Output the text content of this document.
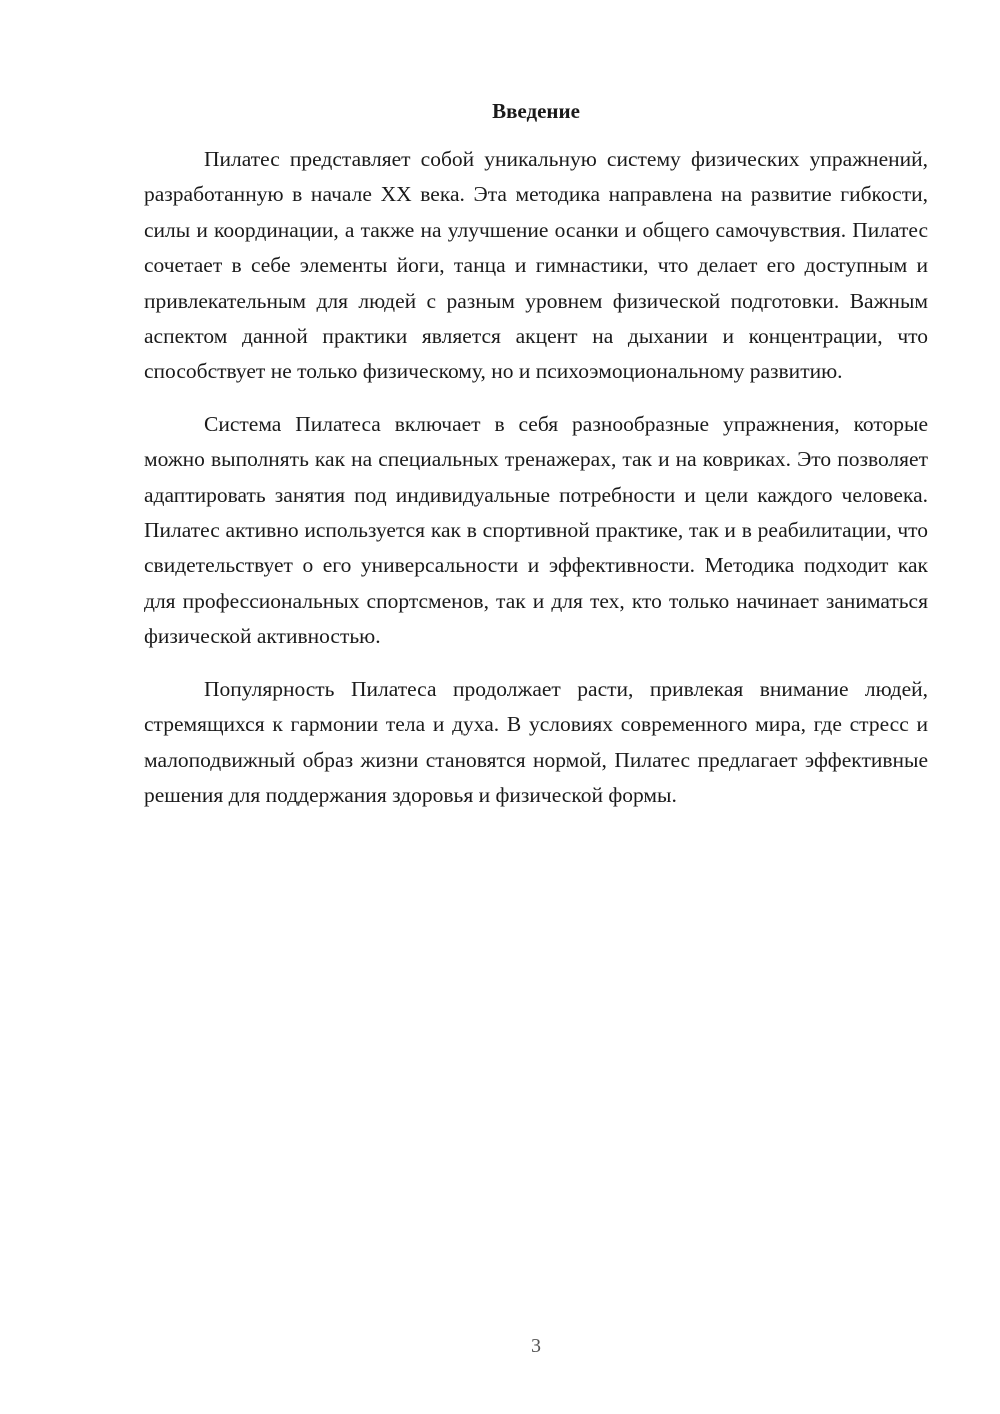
Введение

Пилатес представляет собой уникальную систему физических упражнений, разработанную в начале XX века. Эта методика направлена на развитие гибкости, силы и координации, а также на улучшение осанки и общего самочувствия. Пилатес сочетает в себе элементы йоги, танца и гимнастики, что делает его доступным и привлекательным для людей с разным уровнем физической подготовки. Важным аспектом данной практики является акцент на дыхании и концентрации, что способствует не только физическому, но и психоэмоциональному развитию.

Система Пилатеса включает в себя разнообразные упражнения, которые можно выполнять как на специальных тренажерах, так и на ковриках. Это позволяет адаптировать занятия под индивидуальные потребности и цели каждого человека. Пилатес активно используется как в спортивной практике, так и в реабилитации, что свидетельствует о его универсальности и эффективности. Методика подходит как для профессиональных спортсменов, так и для тех, кто только начинает заниматься физической активностью.

Популярность Пилатеса продолжает расти, привлекая внимание людей, стремящихся к гармонии тела и духа. В условиях современного мира, где стресс и малоподвижный образ жизни становятся нормой, Пилатес предлагает эффективные решения для поддержания здоровья и физической формы.

3
